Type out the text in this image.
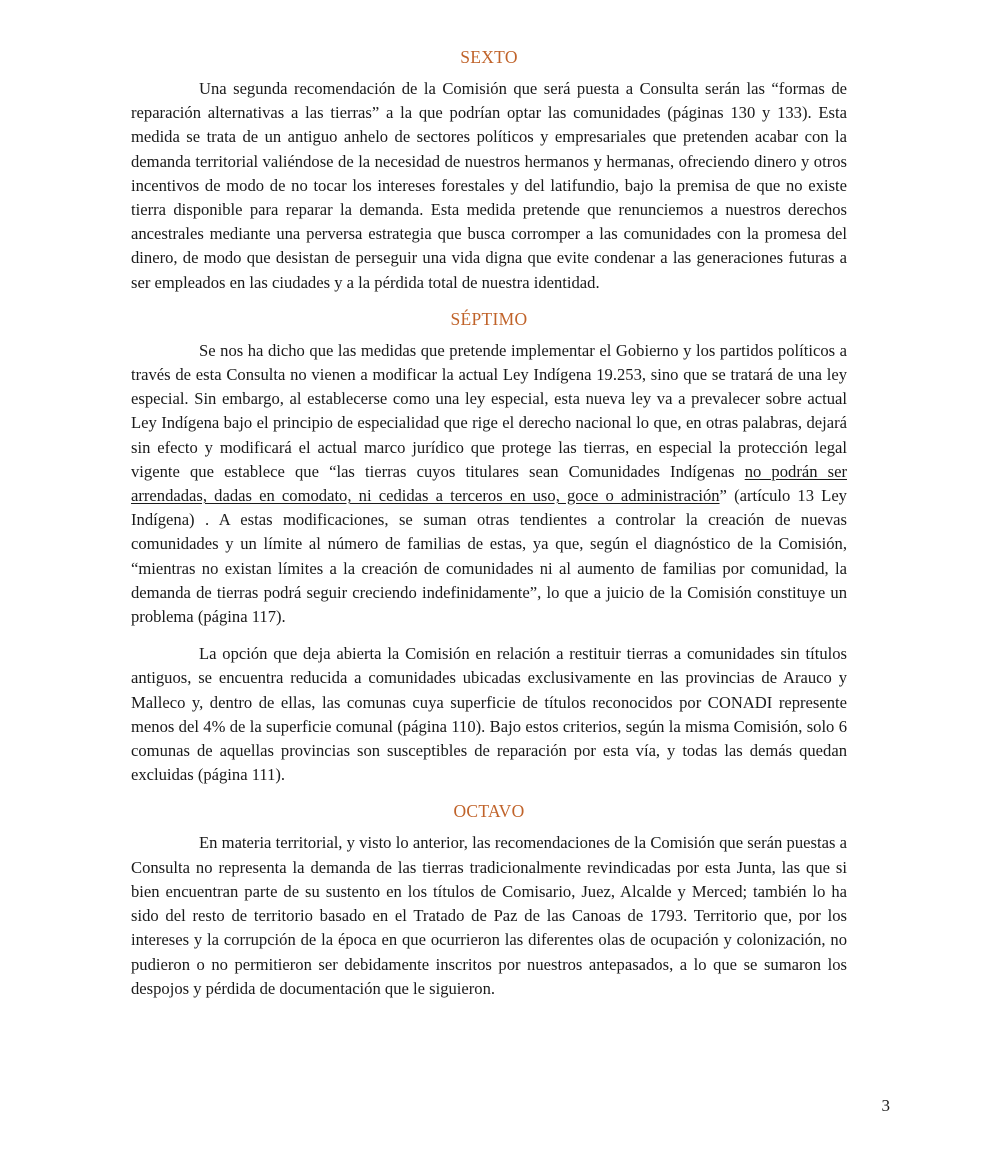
SEXTO

Una segunda recomendación de la Comisión que será puesta a Consulta serán las “formas de reparación alternativas a las tierras” a la que podrían optar las comunidades (páginas 130 y 133). Esta medida se trata de un antiguo anhelo de sectores políticos y empresariales que pretenden acabar con la demanda territorial valiéndose de la necesidad de nuestros hermanos y hermanas, ofreciendo dinero y otros incentivos de modo de no tocar los intereses forestales y del latifundio, bajo la premisa de que no existe tierra disponible para reparar la demanda. Esta medida pretende que renunciemos a nuestros derechos ancestrales mediante una perversa estrategia que busca corromper a las comunidades con la promesa del dinero, de modo que desistan de perseguir una vida digna que evite condenar a las generaciones futuras a ser empleados en las ciudades y a la pérdida total de nuestra identidad.

SÉPTIMO

Se nos ha dicho que las medidas que pretende implementar el Gobierno y los partidos políticos a través de esta Consulta no vienen a modificar la actual Ley Indígena 19.253, sino que se tratará de una ley especial. Sin embargo, al establecerse como una ley especial, esta nueva ley va a prevalecer sobre actual Ley Indígena bajo el principio de especialidad que rige el derecho nacional lo que, en otras palabras, dejará sin efecto y modificará el actual marco jurídico que protege las tierras, en especial la protección legal vigente que establece que “las tierras cuyos titulares sean Comunidades Indígenas no podrán ser arrendadas, dadas en comodato, ni cedidas a terceros en uso, goce o administración” (artículo 13 Ley Indígena) . A estas modificaciones, se suman otras tendientes a controlar la creación de nuevas comunidades y un límite al número de familias de estas, ya que, según el diagnóstico de la Comisión, “mientras no existan límites a la creación de comunidades ni al aumento de familias por comunidad, la demanda de tierras podrá seguir creciendo indefinidamente”, lo que a juicio de la Comisión constituye un problema (página 117).

La opción que deja abierta la Comisión en relación a restituir tierras a comunidades sin títulos antiguos, se encuentra reducida a comunidades ubicadas exclusivamente en las provincias de Arauco y Malleco y, dentro de ellas, las comunas cuya superficie de títulos reconocidos por CONADI represente menos del 4% de la superficie comunal (página 110). Bajo estos criterios, según la misma Comisión, solo 6 comunas de aquellas provincias son susceptibles de reparación por esta vía, y todas las demás quedan excluidas (página 111).

OCTAVO

En materia territorial, y visto lo anterior, las recomendaciones de la Comisión que serán puestas a Consulta no representa la demanda de las tierras tradicionalmente revindicadas por esta Junta, las que si bien encuentran parte de su sustento en los títulos de Comisario, Juez, Alcalde y Merced; también lo ha sido del resto de territorio basado en el Tratado de Paz de las Canoas de 1793. Territorio que, por los intereses y la corrupción de la época en que ocurrieron las diferentes olas de ocupación y colonización, no pudieron o no permitieron ser debidamente inscritos por nuestros antepasados, a lo que se sumaron los despojos y pérdida de documentación que le siguieron.

3
